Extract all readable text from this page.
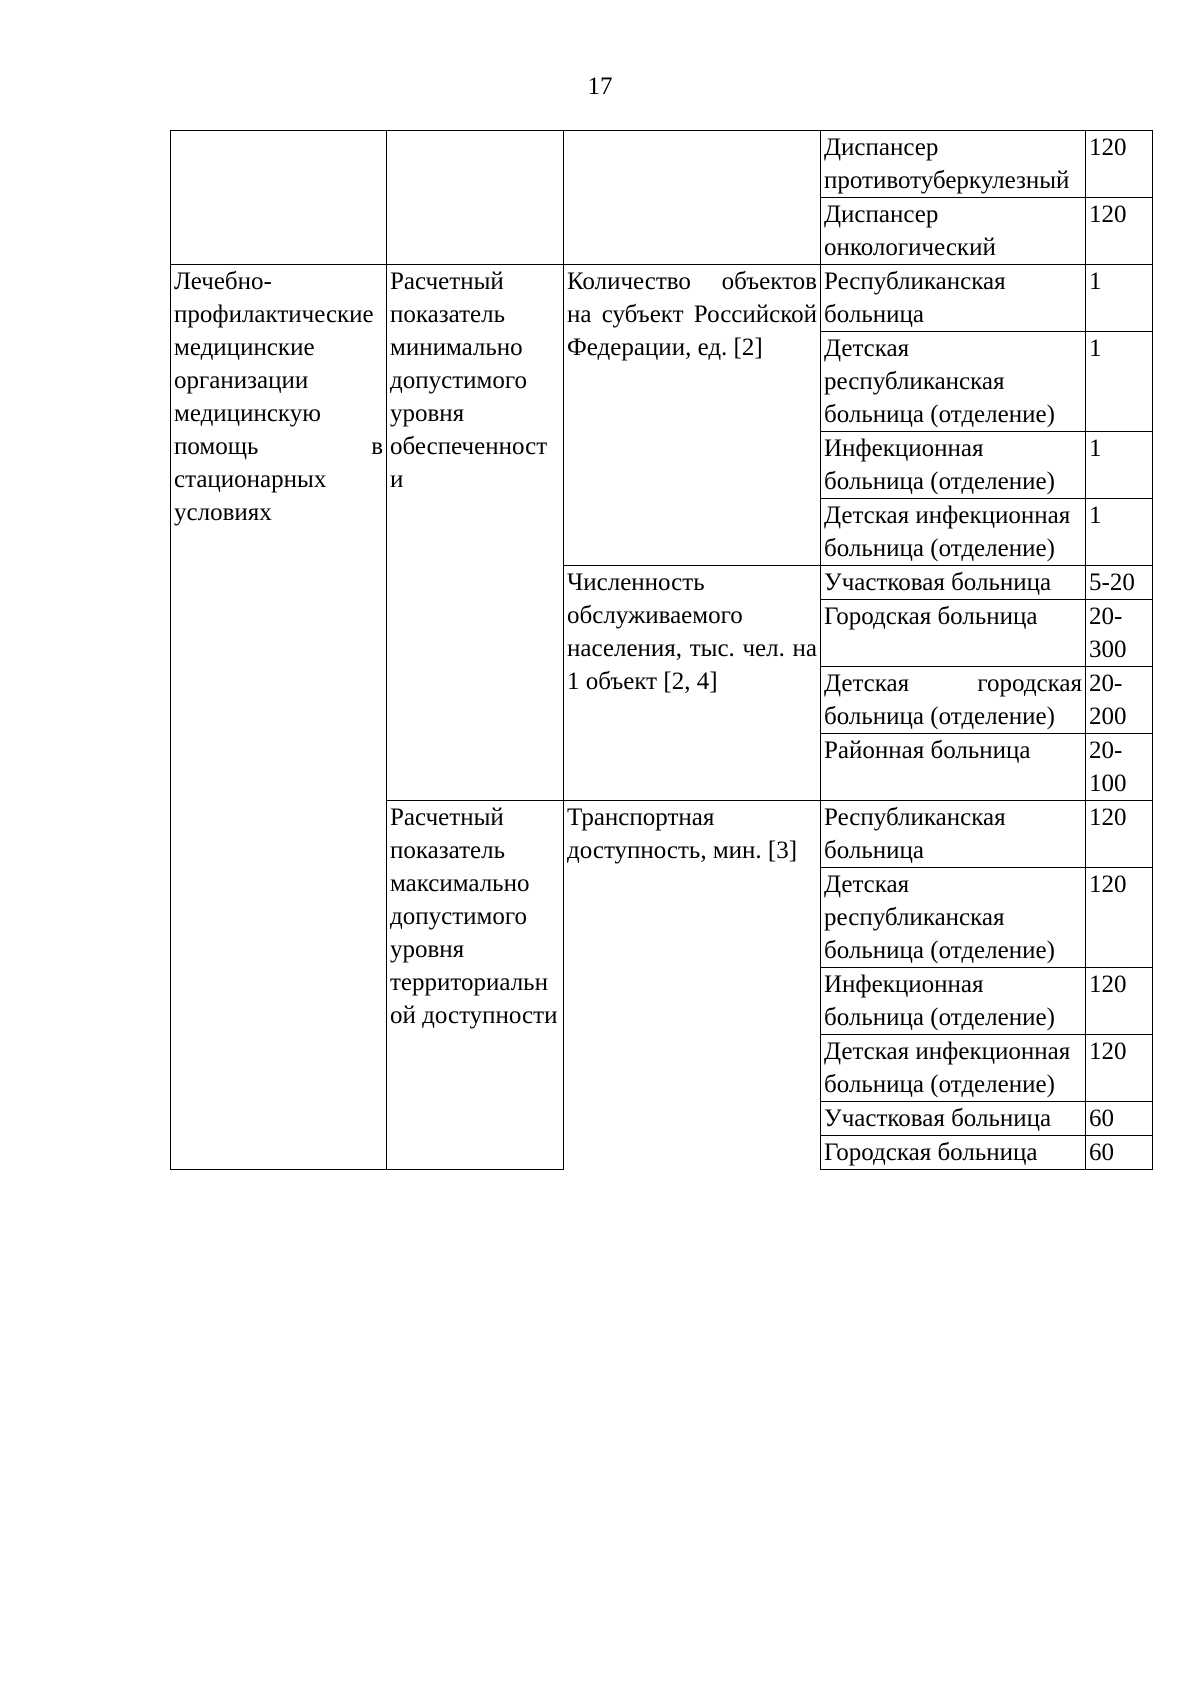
17
			Диспансер противотуберкулезный	120
			Диспансер онкологический	120
Лечебно-профилактические медицинские организации медицинскую помощь в стационарных условиях	Расчетный показатель минимально допустимого уровня обеспеченности	Количество объектов на субъект Российской Федерации, ед. [2]	Республиканская больница	1
			Детская республиканская больница (отделение)	1
			Инфекционная больница (отделение)	1
			Детская инфекционная больница (отделение)	1
		Численность обслуживаемого населения, тыс. чел. на 1 объект [2, 4]	Участковая больница	5-20
			Городская больница	20-300
			Детская городская больница (отделение)	20-200
			Районная больница	20-100
	Расчетный показатель максимально допустимого уровня территориальной доступности	Транспортная доступность, мин. [3]	Республиканская больница	120
			Детская республиканская больница (отделение)	120
			Инфекционная больница (отделение)	120
			Детская инфекционная больница (отделение)	120
			Участковая больница	60
			Городская больница	60
